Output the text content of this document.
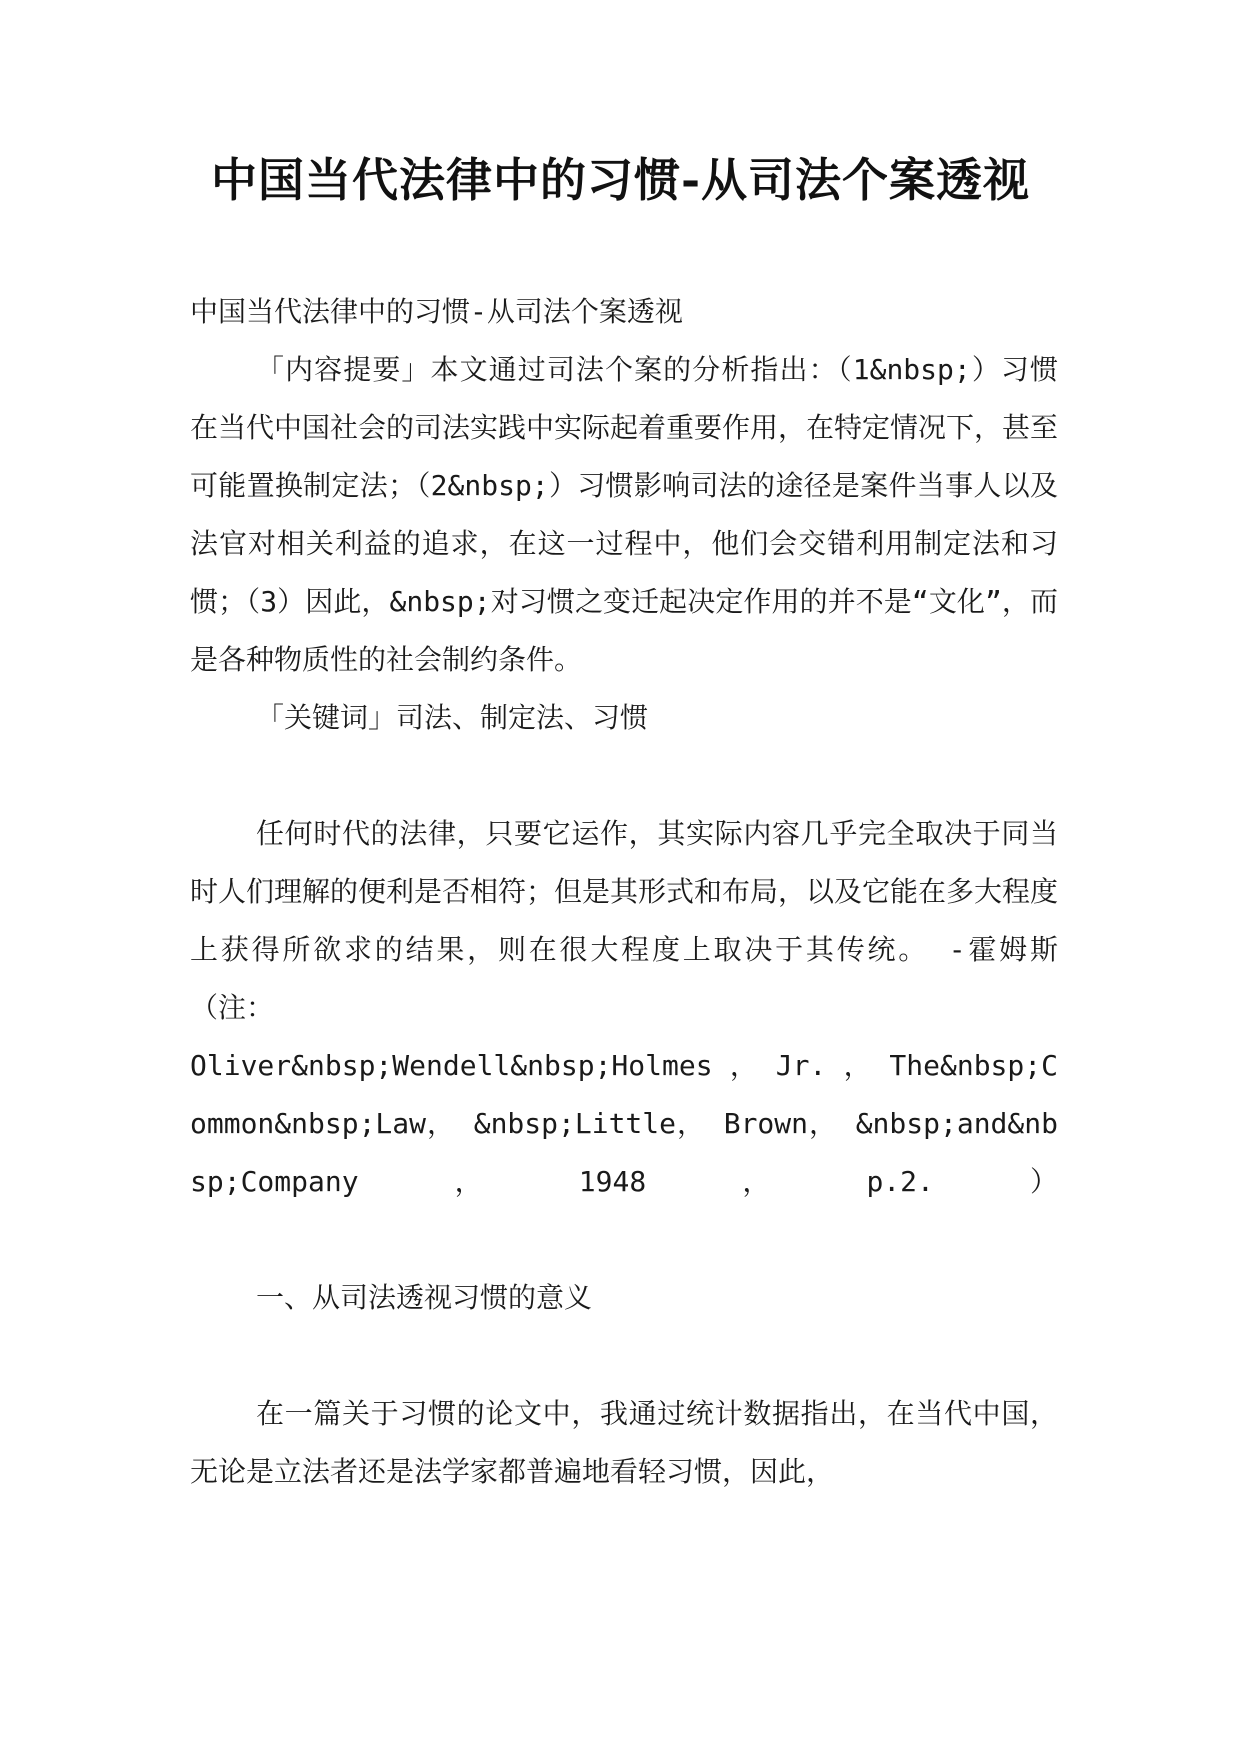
中国当代法律中的习惯-从司法个案透视

中国当代法律中的习惯-从司法个案透视

「内容提要」本文通过司法个案的分析指出：（1&nbsp;）习惯在当代中国社会的司法实践中实际起着重要作用，在特定情况下，甚至可能置换制定法；（2&nbsp;）习惯影响司法的途径是案件当事人以及法官对相关利益的追求，在这一过程中，他们会交错利用制定法和习惯；（3）因此，&nbsp;对习惯之变迁起决定作用的并不是“文化”，而是各种物质性的社会制约条件。

「关键词」司法、制定法、习惯

任何时代的法律，只要它运作，其实际内容几乎完全取决于同当时人们理解的便利是否相符；但是其形式和布局，以及它能在多大程度上获得所欲求的结果，则在很大程度上取决于其传统。 -霍姆斯（注：

Oliver&nbsp;Wendell&nbsp;Holmes ， Jr. ， The&nbsp;Common&nbsp;Law， &nbsp;Little， Brown， &nbsp;and&nbsp;Company，1948，p.2.）

一、从司法透视习惯的意义

在一篇关于习惯的论文中，我通过统计数据指出，在当代中国，无论是立法者还是法学家都普遍地看轻习惯，因此，
